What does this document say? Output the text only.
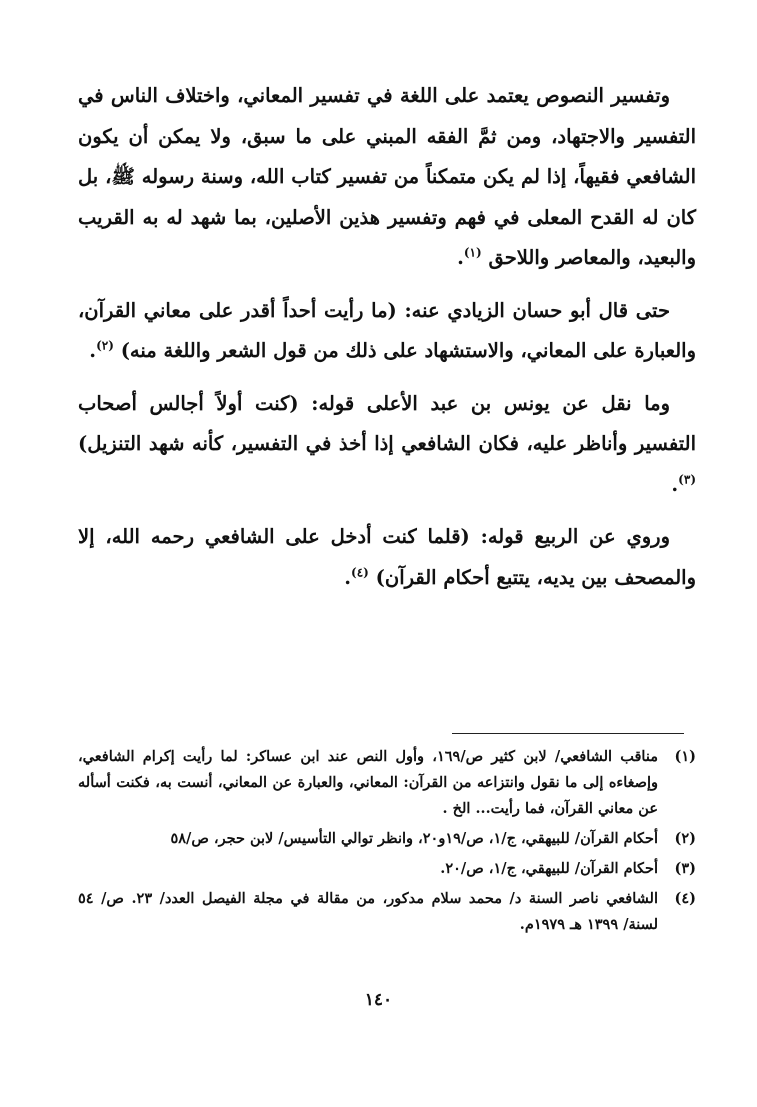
وتفسير النصوص يعتمد على اللغة في تفسير المعاني، واختلاف الناس في التفسير والاجتهاد، ومن ثمَّ الفقه المبني على ما سبق، ولا يمكن أن يكون الشافعي فقيهاً، إذا لم يكن متمكناً من تفسير كتاب الله، وسنة رسوله ﷺ، بل كان له القدح المعلى في فهم وتفسير هذين الأصلين، بما شهد له به القريب والبعيد، والمعاصر واللاحق $^{(١)}$.

حتى قال أبو حسان الزيادي عنه: (ما رأيت أحداً أقدر على معاني القرآن، والعبارة على المعاني، والاستشهاد على ذلك من قول الشعر واللغة منه) $^{(٢)}$.

وما نقل عن يونس بن عبد الأعلى قوله: (كنت أولاً أجالس أصحاب التفسير وأناظر عليه، فكان الشافعي إذا أخذ في التفسير، كأنه شهد التنزيل)$^{(٣)}$.

وروي عن الربيع قوله: (قلما كنت أدخل على الشافعي رحمه الله، إلا والمصحف بين يديه، يتتبع أحكام القرآن) $^{(٤)}$.

(١)
مناقب الشافعي/ لابن كثير ص/١٦٩، وأول النص عند ابن عساكر: لما رأيت إكرام الشافعي، وإصغاءه إلى ما نقول وانتزاعه من القرآن: المعاني، والعبارة عن المعاني، أنست به، فكنت أسأله عن معاني القرآن، فما رأيت... الخ .
(٢)
أحكام القرآن/ للبيهقي، ج/١، ص/١٩و٢٠، وانظر توالي التأسيس/ لابن حجر، ص/٥٨
(٣)
أحكام القرآن/ للبيهقي، ج/١، ص/٢٠.
(٤)
الشافعي ناصر السنة د/ محمد سلام مدكور، من مقالة في مجلة الفيصل العدد/ ٢٣. ص/ ٥٤ لسنة/ ١٣٩٩ هـ ١٩٧٩م.
١٤٠
